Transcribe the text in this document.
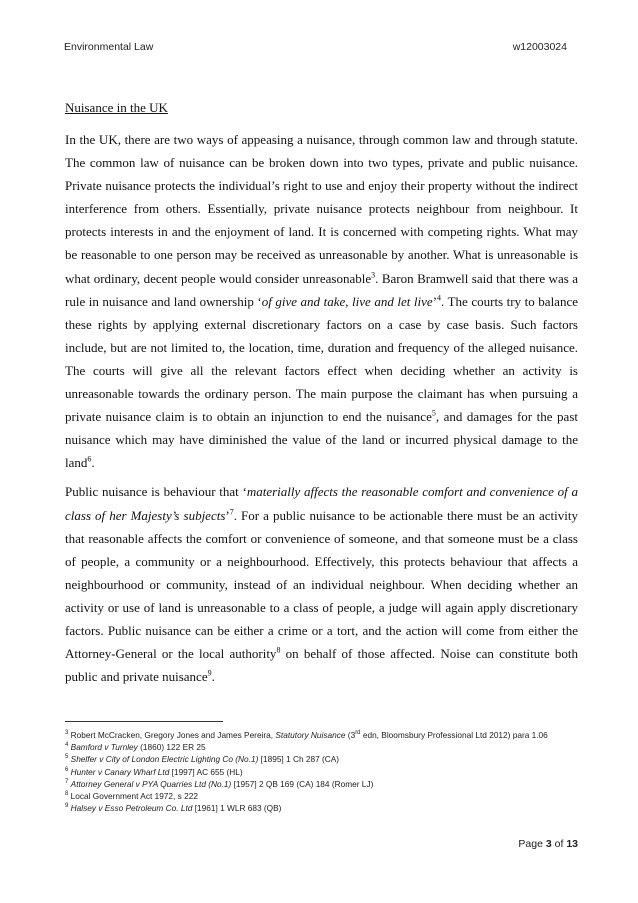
Environmental Law	w12003024

Nuisance in the UK

In the UK, there are two ways of appeasing a nuisance, through common law and through statute. The common law of nuisance can be broken down into two types, private and public nuisance. Private nuisance protects the individual’s right to use and enjoy their property without the indirect interference from others. Essentially, private nuisance protects neighbour from neighbour. It protects interests in and the enjoyment of land. It is concerned with competing rights. What may be reasonable to one person may be received as unreasonable by another. What is unreasonable is what ordinary, decent people would consider unreasonable$^3$. Baron Bramwell said that there was a rule in nuisance and land ownership ‘of give and take, live and let live’$^4$. The courts try to balance these rights by applying external discretionary factors on a case by case basis. Such factors include, but are not limited to, the location, time, duration and frequency of the alleged nuisance. The courts will give all the relevant factors effect when deciding whether an activity is unreasonable towards the ordinary person. The main purpose the claimant has when pursuing a private nuisance claim is to obtain an injunction to end the nuisance$^5$, and damages for the past nuisance which may have diminished the value of the land or incurred physical damage to the land$^6$.

Public nuisance is behaviour that ‘materially affects the reasonable comfort and convenience of a class of her Majesty’s subjects’$^7$. For a public nuisance to be actionable there must be an activity that reasonable affects the comfort or convenience of someone, and that someone must be a class of people, a community or a neighbourhood. Effectively, this protects behaviour that affects a neighbourhood or community, instead of an individual neighbour. When deciding whether an activity or use of land is unreasonable to a class of people, a judge will again apply discretionary factors. Public nuisance can be either a crime or a tort, and the action will come from either the Attorney-General or the local authority$^8$ on behalf of those affected. Noise can constitute both public and private nuisance$^9$.

$^3$ Robert McCracken, Gregory Jones and James Pereira, Statutory Nuisance (3rd edn, Bloomsbury Professional Ltd 2012) para 1.06

$^4$ Bamford v Turnley (1860) 122 ER 25

$^5$ Shelfer v City of London Electric Lighting Co (No.1) [1895] 1 Ch 287 (CA)

$^6$ Hunter v Canary Wharf Ltd [1997] AC 655 (HL)

$^7$ Attorney General v PYA Quarries Ltd (No.1) [1957] 2 QB 169 (CA) 184 (Romer LJ)

$^8$ Local Government Act 1972, s 222

$^9$ Halsey v Esso Petroleum Co. Ltd [1961] 1 WLR 683 (QB)

Page 3 of 13
